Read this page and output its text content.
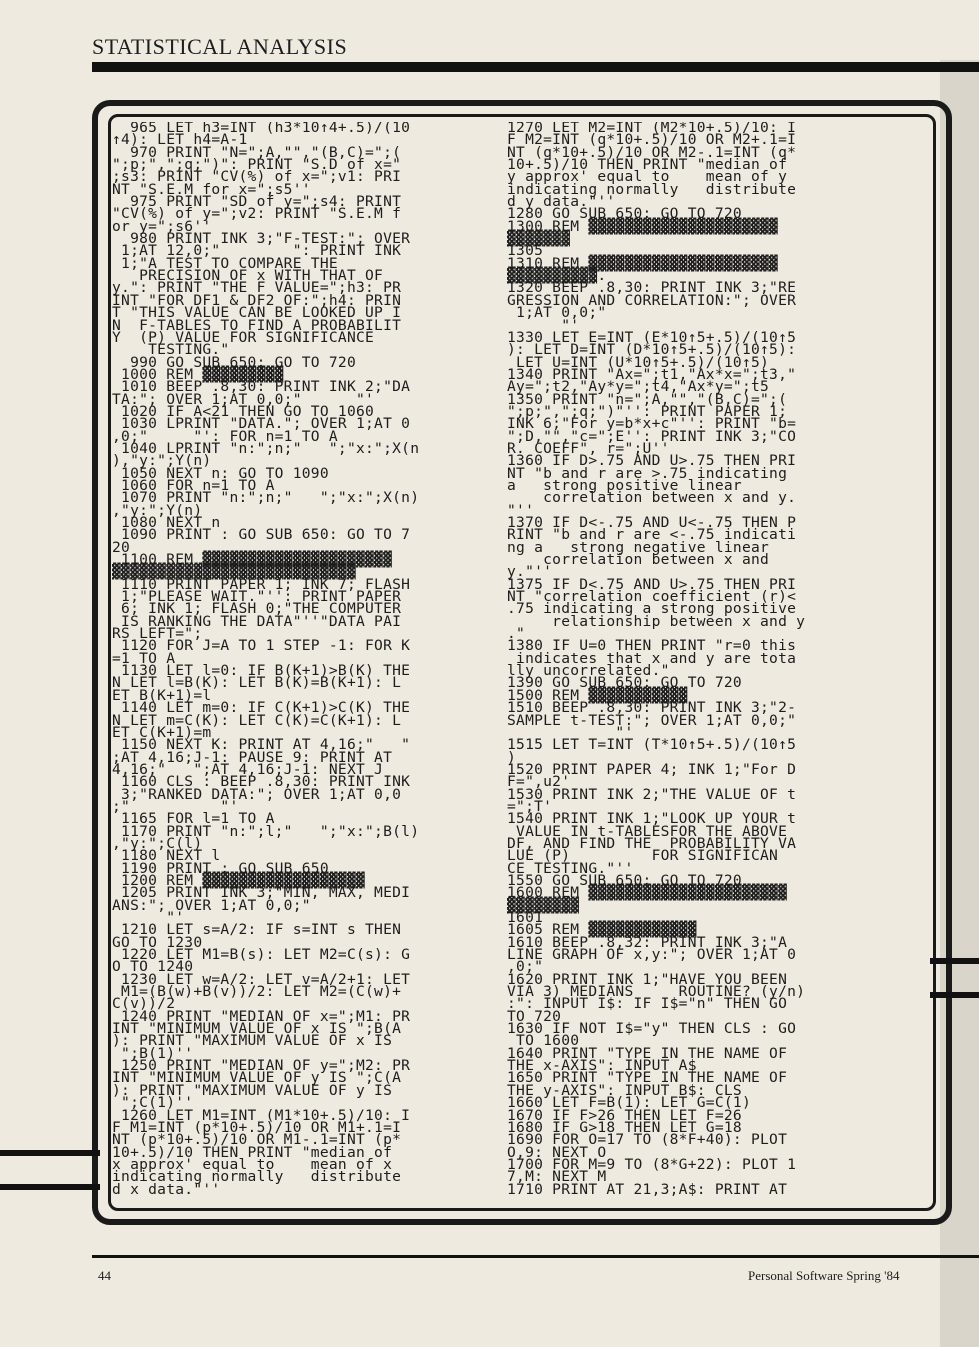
STATISTICAL ANALYSIS
965 LET h3=INT (h3*10↑4+.5)/(10
↑4): LET h4=A-1
970 PRINT "N=";A,"","(B,C)=";(
";p;",";q;")": PRINT "S.D of x="
;s3: PRINT "CV(%) of x=";v1: PRI
NT "S.E.M for x=";s5''
975 PRINT "SD of y=";s4: PRINT
"CV(%) of y=";v2: PRINT "S.E.M f
or y=";s6''
980 PRINT INK 3;"F-TEST:"; OVER
1;AT 12,0;"        ": PRINT INK
1;"A TEST TO COMPARE THE
PRECISION OF x WITH THAT OF
y.": PRINT "THE F VALUE=";h3: PR
INT "FOR DF1 & DF2 OF:";h4: PRIN
T "THIS VALUE CAN BE LOOKED UP I
N  F-TABLES TO FIND A PROBABILIT
Y  (P) VALUE FOR SIGNIFICANCE
TESTING."
990 GO SUB 650: GO TO 720
1000 REM ▓▓▓▓▓▓▓▓▓
1010 BEEP .8,30: PRINT INK 2;"DA
TA:"; OVER 1;AT 0,0;"      "'
1020 IF A<21 THEN GO TO 1060
1030 LPRINT "DATA."; OVER 1;AT 0
,0;"     "': FOR n=1 TO A
1040 LPRINT "n:";n;"   ";"x:";X(n
),"y:";Y(n)
1050 NEXT n: GO TO 1090
1060 FOR n=1 TO A
1070 PRINT "n:";n;"   ";"x:";X(n)
,"y:";Y(n)
1080 NEXT n
1090 PRINT : GO SUB 650: GO TO 7
20
1100 REM ▓▓▓▓▓▓▓▓▓▓▓▓▓▓▓▓▓▓▓▓▓
▓▓▓▓▓▓▓▓▓▓▓▓▓▓▓▓▓▓▓▓▓▓▓▓▓▓▓
1110 PRINT PAPER 1; INK 7; FLASH
1;"PLEASE WAIT."'': PRINT PAPER
6; INK 1; FLASH 0;"THE COMPUTER
IS RANKING THE DATA"''"DATA PAI
RS LEFT=";
1120 FOR J=A TO 1 STEP -1: FOR K
=1 TO A
1130 LET l=0: IF B(K+1)>B(K) THE
N LET l=B(K): LET B(K)=B(K+1): L
ET B(K+1)=l
1140 LET m=0: IF C(K+1)>C(K) THE
N LET m=C(K): LET C(K)=C(K+1): L
ET C(K+1)=m
1150 NEXT K: PRINT AT 4,16;"   "
;AT 4,16;J-1: PAUSE 9: PRINT AT
4,16;"   ";AT 4,16;J-1: NEXT J
1160 CLS : BEEP .8,30: PRINT INK
3;"RANKED DATA:"; OVER 1;AT 0,0
;"          "'
1165 FOR l=1 TO A
1170 PRINT "n:";l;"   ";"x:";B(l)
,"y:";C(l)
1180 NEXT l
1190 PRINT : GO SUB 650
1200 REM ▓▓▓▓▓▓▓▓▓▓▓▓▓▓▓▓▓▓
1205 PRINT INK 3;"MIN, MAX, MEDI
ANS:"; OVER 1;AT 0,0;"
"'
1210 LET s=A/2: IF s=INT s THEN
GO TO 1230
1220 LET M1=B(s): LET M2=C(s): G
O TO 1240
1230 LET w=A/2: LET v=A/2+1: LET
M1=(B(w)+B(v))/2: LET M2=(C(w)+
C(v))/2
1240 PRINT "MEDIAN OF x=";M1: PR
INT "MINIMUM VALUE OF x IS ";B(A
): PRINT "MAXIMUM VALUE OF x IS
";B(1)''
1250 PRINT "MEDIAN OF y=";M2: PR
INT "MINIMUM VALUE OF y IS ";C(A
): PRINT "MAXIMUM VALUE OF y IS
";C(1)''
1260 LET M1=INT (M1*10+.5)/10: I
F M1=INT (p*10+.5)/10 OR M1+.1=I
NT (p*10+.5)/10 OR M1-.1=INT (p*
10+.5)/10 THEN PRINT "median of
x approx' equal to    mean of x
indicating normally   distribute
d x data."''
1270 LET M2=INT (M2*10+.5)/10: I
F M2=INT (q*10+.5)/10 OR M2+.1=I
NT (q*10+.5)/10 OR M2-.1=INT (q*
10+.5)/10 THEN PRINT "median of
y approx' equal to    mean of y
indicating normally   distribute
d y data."''
1280 GO SUB 650: GO TO 720
1300 REM ▓▓▓▓▓▓▓▓▓▓▓▓▓▓▓▓▓▓▓▓▓
▓▓▓▓▓▓▓
1305
1310 REM ▓▓▓▓▓▓▓▓▓▓▓▓▓▓▓▓▓▓▓▓▓
▓▓▓▓▓▓▓▓▓▓.
1320 BEEP .8,30: PRINT INK 3;"RE
GRESSION AND CORRELATION:"; OVER
1;AT 0,0;"
"'
1330 LET E=INT (E*10↑5+.5)/(10↑5
): LET D=INT (D*10↑5+.5)/(10↑5):
LET U=INT (U*10↑5+.5)/(10↑5)
1340 PRINT "Ax=";t1,"Ax*x=";t3,"
Ay=";t2,"Ay*y=";t4,"Ax*y=";t5
1350 PRINT "n=";A,"","(B,C)=";(
";p;",";q;")"'': PRINT PAPER 1;
INK 6;"For y=b*x+c"'': PRINT "b=
";D,"","c=";E'': PRINT INK 3;"CO
R. COEFF", r=";U''
1360 IF D>.75 AND U>.75 THEN PRI
NT "b and r are >.75 indicating
a   strong positive linear
correlation between x and y.
"''
1370 IF D<-.75 AND U<-.75 THEN P
RINT "b and r are <-.75 indicati
ng a   strong negative linear
correlation between x and
y."''
1375 IF D<.75 AND U>.75 THEN PRI
NT "correlation coefficient (r)<
.75 indicating a strong positive
relationship between x and y
."
1380 IF U=0 THEN PRINT "r=0 this
indicates that x and y are tota
lly uncorrelated."
1390 GO SUB 650: GO TO 720
1500 REM ▓▓▓▓▓▓▓▓▓▓▓
1510 BEEP .8,30: PRINT INK 3;"2-
SAMPLE t-TEST:"; OVER 1;AT 0,0;"
"'
1515 LET T=INT (T*10↑5+.5)/(10↑5
)
1520 PRINT PAPER 4; INK 1;"For D
F=",u2'
1530 PRINT INK 2;"THE VALUE OF t
=";T'
1540 PRINT INK 1;"LOOK UP YOUR t
VALUE IN t-TABLESFOR THE ABOVE
DF, AND FIND THE  PROBABILITY VA
LUE (P)         FOR SIGNIFICAN
CE TESTING."''
1550 GO SUB 650: GO TO 720
1600 REM ▓▓▓▓▓▓▓▓▓▓▓▓▓▓▓▓▓▓▓▓▓▓
▓▓▓▓▓▓▓▓
1601
1605 REM ▓▓▓▓▓▓▓▓▓▓▓▓
1610 BEEP .8,32: PRINT INK 3;"A
LINE GRAPH OF x,y:"; OVER 1;AT 0
,0;"
1620 PRINT INK 1;"HAVE YOU BEEN
VIA 3) MEDIANS     ROUTINE? (y/n)
:": INPUT I$: IF I$="n" THEN GO
TO 720
1630 IF NOT I$="y" THEN CLS : GO
TO 1600
1640 PRINT "TYPE IN THE NAME OF
THE x-AXIS": INPUT A$
1650 PRINT "TYPE IN THE NAME OF
THE y-AXIS": INPUT B$: CLS
1660 LET F=B(1): LET G=C(1)
1670 IF F>26 THEN LET F=26
1680 IF G>18 THEN LET G=18
1690 FOR O=17 TO (8*F+40): PLOT
O,9: NEXT O
1700 FOR M=9 TO (8*G+22): PLOT 1
7,M: NEXT M
1710 PRINT AT 21,3;A$: PRINT AT
44	Personal Software Spring '84
